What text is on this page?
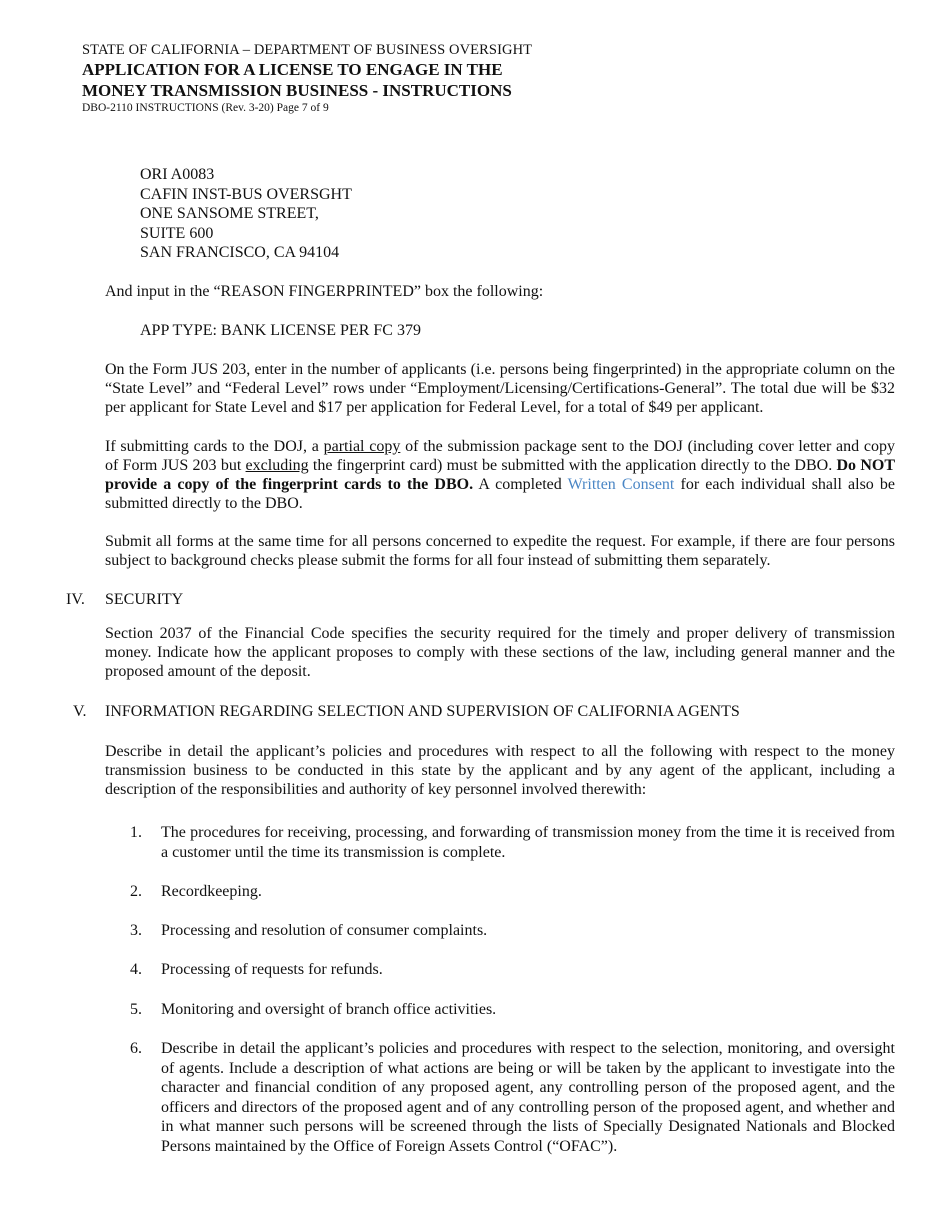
STATE OF CALIFORNIA – DEPARTMENT OF BUSINESS OVERSIGHT
APPLICATION FOR A LICENSE TO ENGAGE IN THE
MONEY TRANSMISSION BUSINESS - INSTRUCTIONS
DBO-2110 INSTRUCTIONS (Rev. 3-20) Page 7 of 9
ORI A0083
CAFIN INST-BUS OVERSGHT
ONE SANSOME STREET,
SUITE 600
SAN FRANCISCO, CA 94104

And input in the “REASON FINGERPRINTED” box the following:

APP TYPE: BANK LICENSE PER FC 379

On the Form JUS 203, enter in the number of applicants (i.e. persons being fingerprinted) in the appropriate column on the “State Level” and “Federal Level” rows under “Employment/Licensing/Certifications-General”. The total due will be $32 per applicant for State Level and $17 per application for Federal Level, for a total of $49 per applicant.

If submitting cards to the DOJ, a partial copy of the submission package sent to the DOJ (including cover letter and copy of Form JUS 203 but excluding the fingerprint card) must be submitted with the application directly to the DBO. Do NOT provide a copy of the fingerprint cards to the DBO. A completed Written Consent for each individual shall also be submitted directly to the DBO.

Submit all forms at the same time for all persons concerned to expedite the request. For example, if there are four persons subject to background checks please submit the forms for all four instead of submitting them separately.

IV. SECURITY

Section 2037 of the Financial Code specifies the security required for the timely and proper delivery of transmission money. Indicate how the applicant proposes to comply with these sections of the law, including general manner and the proposed amount of the deposit.

V. INFORMATION REGARDING SELECTION AND SUPERVISION OF CALIFORNIA AGENTS

Describe in detail the applicant’s policies and procedures with respect to all the following with respect to the money transmission business to be conducted in this state by the applicant and by any agent of the applicant, including a description of the responsibilities and authority of key personnel involved therewith:

1.	The procedures for receiving, processing, and forwarding of transmission money from the time it is received from a customer until the time its transmission is complete.
2.	Recordkeeping.
3.	Processing and resolution of consumer complaints.
4.	Processing of requests for refunds.
5.	Monitoring and oversight of branch office activities.
6.	Describe in detail the applicant’s policies and procedures with respect to the selection, monitoring, and oversight of agents. Include a description of what actions are being or will be taken by the applicant to investigate into the character and financial condition of any proposed agent, any controlling person of the proposed agent, and the officers and directors of the proposed agent and of any controlling person of the proposed agent, and whether and in what manner such persons will be screened through the lists of Specially Designated Nationals and Blocked Persons maintained by the Office of Foreign Assets Control (“OFAC”).
